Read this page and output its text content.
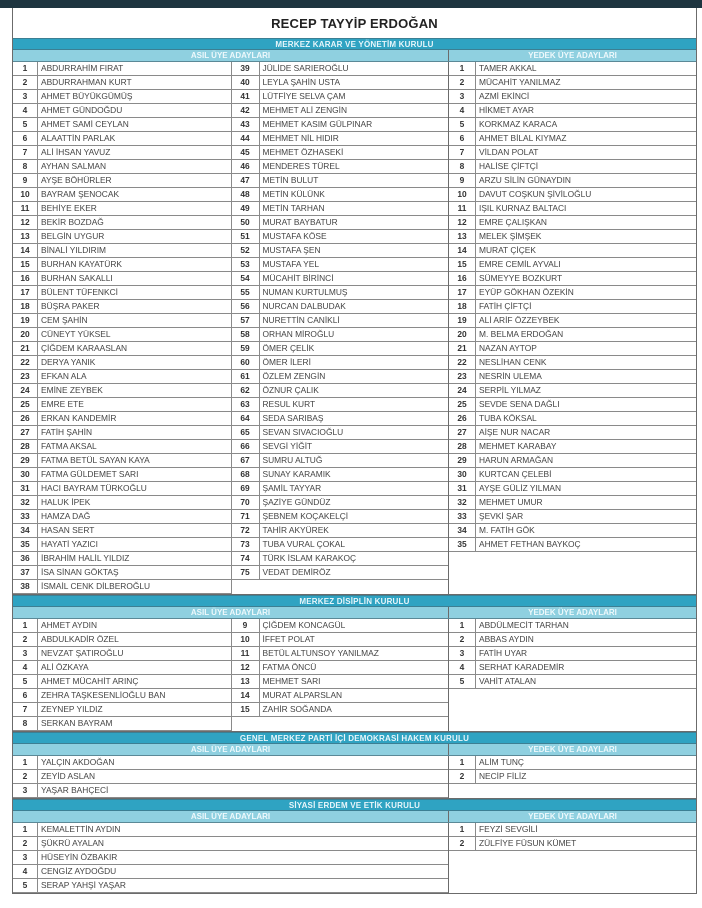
RECEP TAYYİP ERDOĞAN
MERKEZ KARAR VE YÖNETİM KURULU
ASIL ÜYE ADAYLARI	YEDEK ÜYE ADAYLARI
1	ABDURRAHİM FIRAT
2	ABDURRAHMAN KURT
3	AHMET BÜYÜKGÜMÜŞ
4	AHMET GÜNDOĞDU
5	AHMET SAMİ CEYLAN
6	ALAATTİN PARLAK
7	ALİ İHSAN YAVUZ
8	AYHAN SALMAN
9	AYŞE BÖHÜRLER
10	BAYRAM ŞENOCAK
11	BEHİYE EKER
12	BEKİR BOZDAĞ
13	BELGİN UYGUR
14	BİNALİ YILDIRIM
15	BURHAN KAYATÜRK
16	BURHAN SAKALLI
17	BÜLENT TÜFENKCİ
18	BÜŞRA PAKER
19	CEM ŞAHİN
20	CÜNEYT YÜKSEL
21	ÇİĞDEM KARAASLAN
22	DERYA YANIK
23	EFKAN ALA
24	EMİNE ZEYBEK
25	EMRE ETE
26	ERKAN KANDEMİR
27	FATİH ŞAHİN
28	FATMA AKSAL
29	FATMA BETÜL SAYAN KAYA
30	FATMA GÜLDEMET SARI
31	HACI BAYRAM TÜRKOĞLU
32	HALUK İPEK
33	HAMZA DAĞ
34	HASAN SERT
35	HAYATİ YAZICI
36	İBRAHİM HALİL YILDIZ
37	İSA SİNAN GÖKTAŞ
38	İSMAİL CENK DİLBEROĞLU
39	JÜLİDE SARIEROĞLU
40	LEYLA ŞAHİN USTA
41	LÜTFİYE SELVA ÇAM
42	MEHMET ALİ ZENGİN
43	MEHMET KASIM GÜLPINAR
44	MEHMET NİL HIDIR
45	MEHMET ÖZHASEKİ
46	MENDERES TÜREL
47	METİN BULUT
48	METİN KÜLÜNK
49	METİN TARHAN
50	MURAT BAYBATUR
51	MUSTAFA KÖSE
52	MUSTAFA ŞEN
53	MUSTAFA YEL
54	MÜCAHİT BİRİNCİ
55	NUMAN KURTULMUŞ
56	NURCAN DALBUDAK
57	NURETTİN CANİKLİ
58	ORHAN MİROĞLU
59	ÖMER ÇELİK
60	ÖMER İLERİ
61	ÖZLEM ZENGİN
62	ÖZNUR ÇALIK
63	RESUL KURT
64	SEDA SARIBAŞ
65	SEVAN SIVACIOĞLU
66	SEVGİ YİĞİT
67	SUMRU ALTUĞ
68	SUNAY KARAMIK
69	ŞAMİL TAYYAR
70	ŞAZİYE GÜNDÜZ
71	ŞEBNEM KOÇAKELÇİ
72	TAHİR AKYÜREK
73	TUBA VURAL ÇOKAL
74	TÜRK İSLAM KARAKOÇ
75	VEDAT DEMİRÖZ
1	TAMER AKKAL
2	MÜCAHİT YANILMAZ
3	AZMİ EKİNCİ
4	HİKMET AYAR
5	KORKMAZ KARACA
6	AHMET BİLAL KIYMAZ
7	VİLDAN POLAT
8	HALİSE ÇİFTÇİ
9	ARZU SİLİN GÜNAYDIN
10	DAVUT COŞKUN ŞİVİLOĞLU
11	IŞIL KURNAZ BALTACI
12	EMRE ÇALIŞKAN
13	MELEK ŞİMŞEK
14	MURAT ÇİÇEK
15	EMRE CEMİL AYVALI
16	SÜMEYYE BOZKURT
17	EYÜP GÖKHAN ÖZEKİN
18	FATİH ÇİFTÇİ
19	ALİ ARİF ÖZZEYBEK
20	M. BELMA ERDOĞAN
21	NAZAN AYTOP
22	NESLİHAN CENK
23	NESRİN ULEMA
24	SERPİL YILMAZ
25	SEVDE SENA DAĞLI
26	TUBA KÖKSAL
27	AİŞE NUR NACAR
28	MEHMET KARABAY
29	HARUN ARMAĞAN
30	KURTCAN ÇELEBİ
31	AYŞE GÜLİZ YILMAN
32	MEHMET UMUR
33	ŞEVKİ ŞAR
34	M. FATİH GÖK
35	AHMET FETHAN BAYKOÇ
MERKEZ DİSİPLİN KURULU
ASIL ÜYE ADAYLARI	YEDEK ÜYE ADAYLARI
1	AHMET AYDIN
2	ABDULKADİR ÖZEL
3	NEVZAT ŞATIROĞLU
4	ALİ ÖZKAYA
5	AHMET MÜCAHİT ARINÇ
6	ZEHRA TAŞKESENLİOĞLU BAN
7	ZEYNEP YILDIZ
8	SERKAN BAYRAM
9	ÇİĞDEM KONCAGÜL
10	İFFET POLAT
11	BETÜL ALTUNSOY YANILMAZ
12	FATMA ÖNCÜ
13	MEHMET SARI
14	MURAT ALPARSLAN
15	ZAHİR SOĞANDA
1	ABDÜLMECİT TARHAN
2	ABBAS AYDIN
3	FATİH UYAR
4	SERHAT KARADEMİR
5	VAHİT ATALAN
GENEL MERKEZ PARTİ İÇİ DEMOKRASİ HAKEM KURULU
ASIL ÜYE ADAYLARI	YEDEK ÜYE ADAYLARI
1	YALÇIN AKDOĞAN
2	ZEYİD ASLAN
3	YAŞAR BAHÇECİ
1	ALİM TUNÇ
2	NECİP FİLİZ
SİYASİ ERDEM VE ETİK KURULU
ASIL ÜYE ADAYLARI	YEDEK ÜYE ADAYLARI
1	KEMALETTİN AYDIN
2	ŞÜKRÜ AYALAN
3	HÜSEYİN ÖZBAKIR
4	CENGİZ AYDOĞDU
5	SERAP YAHŞİ YAŞAR
1	FEYZİ SEVGİLİ
2	ZÜLFİYE FÜSUN KÜMET
